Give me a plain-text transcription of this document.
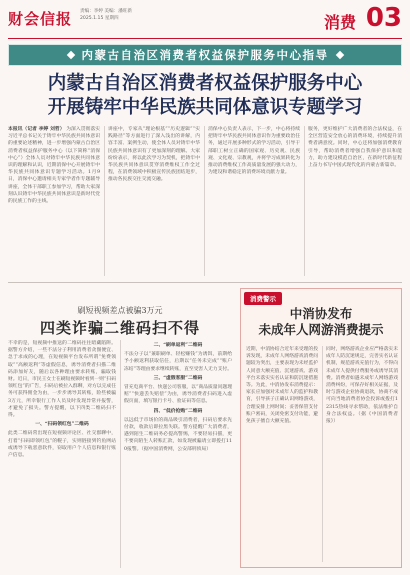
财会信报 责编：李婷 美编：潘旺新
2025.1.15 星期四	消费 03
内蒙古自治区消费者权益保护服务中心指导
内蒙古自治区消费者权益保护服务中心
开展铸牢中华民族共同体意识专题学习
本报讯（记者 李婷 刘哲） 为深入贯彻落实习近平总书记关于铸牢中华民族共同体意识的重要论述精神，进一步增强内蒙古自治区消费者权益保护服务中心（以下简称“消保中心”）全体人员对铸牢中华民族共同体意识的理解和认识，近期消保中心开展铸牢中华民族共同体意识专题学习活动。1月9日，消保中心邀请相关专家学者作专题辅导讲座，全体干部职工参加学习，帮助大家深刻认识铸牢中华民族共同体意识是新时代党的民族工作的主线。
讲座中，专家从“理论根基”“历史逻辑”“实践路径”等方面进行了深入浅出的讲解，内容丰富、案例生动，使全体人员对铸牢中华民族共同体意识有了更加深刻的理解。大家纷纷表示，将以此次学习为契机，把铸牢中华民族共同体意识贯穿消费维权工作全过程，在消费领域中积极宣传民族团结进步，推动各民族交往交流交融。
消保中心负责人表示，下一步，中心将持续把铸牢中华民族共同体意识作为重要政治任务，通过开展多种形式的学习活动，引导干部职工树立正确的国家观、历史观、民族观、文化观、宗教观，并将学习成果转化为推动消费维权工作高质量发展的强大动力，为建设和谐稳定的消费环境贡献力量。
服务，更好维护广大消费者的合法权益，在全区营造安全放心的消费环境，持续提升消费者满意度。同时，中心还将加强消费教育引导，帮助消费者增强自我保护意识和能力，助力建设模范自治区，在新时代新征程上奋力书写中国式现代化的内蒙古新篇章。
刷短视频差点被骗3万元
四类诈骗二维码扫不得
不幸的是，短视频中推送的二维码往往暗藏陷阱。据警方介绍，一些不法分子利用消费者贪图便宜、急于求成的心理，在短视频平台发布所谓“免费领取”“高额返利”等虚假信息，诱导消费者扫描二维码添加好友，随后以各种理由要求转账，骗取钱财。近日，市民王女士在刷短视频时看到一则“扫码领红包”的广告，扫码后被拉入群聊，对方以完成任务可获得佣金为由，一步步诱导其转账，险些被骗3万元，所幸银行工作人员及时发现异常并报警，才避免了损失。警方提醒，以下四类二维码扫不得。
一、“扫码领红包”二维码
此类二维码常出现在短视频评论区、社交群聊中，打着“扫码即领红包”的幌子，实则链接到钓鱼网站或诱导下载恶意软件，窃取用户个人信息和银行账户信息。
二、“刷单返利”二维码
不法分子以“兼职刷单、轻松赚钱”为诱饵，前期给予小额返利获取信任，后期以“任务未完成”“账户冻结”等理由要求继续转账，直至受害人无力支付。
三、“虚假客服”二维码
冒充电商平台、快递公司客服，以“商品质量问题理赔”“快递丢失赔偿”为由，诱导消费者扫码进入虚假页面，填写银行卡号、验证码等信息。
四、“低价抢购”二维码
以远低于市场价的商品吸引消费者，扫码后要求先付款，收款后即拉黑失联。警方提醒广大消费者，遇到陌生二维码务必提高警惕，不要轻易扫描，更不要向陌生人转账汇款，如发现被骗请立即拨打110报警。（据中国消费网，公安部刑侦局）
消费警示
中消协发布
未成年人网游消费提示
近期，中消协结合近年来受理的投诉发现，未成年人网络游戏消费问题较为突出，主要表现为未经监护人同意大额充值、沉迷游戏、游戏平台未落实实名认证和防沉迷措施等。为此，中消协发布消费提示：家长应加强对未成年人的监护和教育，引导孩子正确认识网络游戏，合理安排上网时间；妥善保管支付账户密码，关闭免密支付功能，避免孩子擅自大额充值。
同时，网络游戏企业应严格落实未成年人防沉迷规定，完善实名认证机制，规范游戏充值行为，不得向未成年人提供付费服务或诱导其消费。消费者如遇未成年人网络游戏消费纠纷，可保存好相关证据，及时与游戏企业协商退款，协商不成可向当地消费者协会投诉或拨打12315热线寻求帮助，依法维护自身合法权益。（据《中国消费者报》）
